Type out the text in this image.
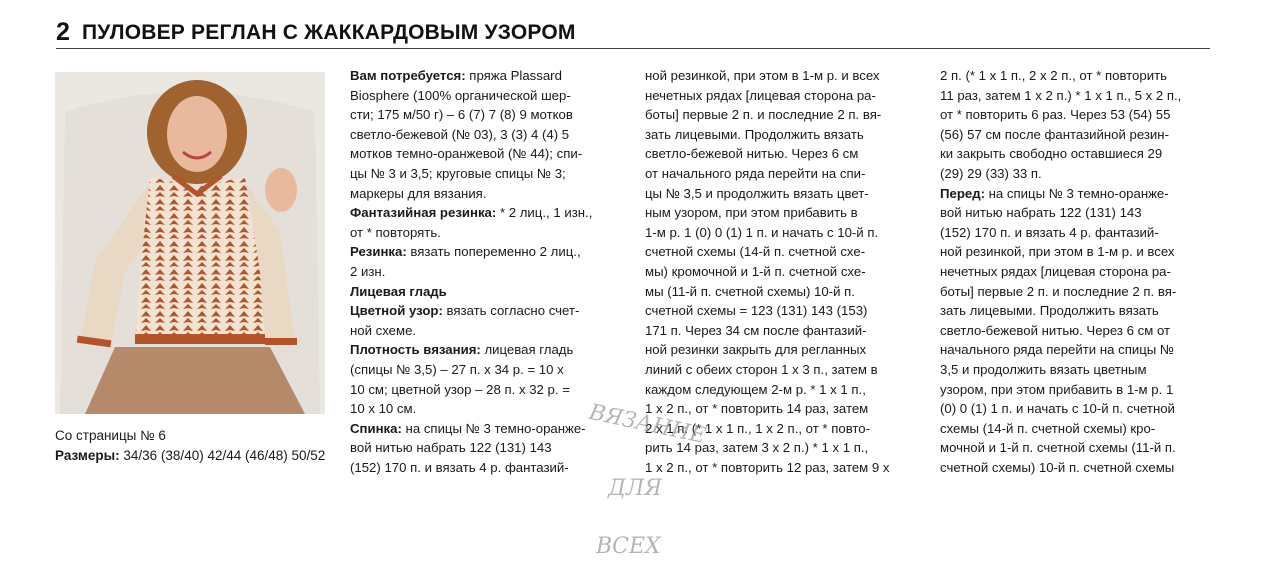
2 ПУЛОВЕР РЕГЛАН С ЖАККАРДОВЫМ УЗОРОМ
Со страницы № 6
Размеры: 34/36 (38/40) 42/44 (46/48) 50/52
Вам потребуется: пряжа Plassard
Biosphere (100% органической шер-
сти; 175 м/50 г) – 6 (7) 7 (8) 9 мотков
светло-бежевой (№ 03), 3 (3) 4 (4) 5
мотков темно-оранжевой (№ 44); спи-
цы № 3 и 3,5; круговые спицы № 3;
маркеры для вязания.
Фантазийная резинка: * 2 лиц., 1 изн.,
от * повторять.
Резинка: вязать попеременно 2 лиц.,
2 изн.
Лицевая гладь
Цветной узор: вязать согласно счет-
ной схеме.
Плотность вязания: лицевая гладь
(спицы № 3,5) – 27 п. х 34 р. = 10 х
10 см; цветной узор – 28 п. х 32 р. =
10 х 10 см.
Спинка: на спицы № 3 темно-оранже-
вой нитью набрать 122 (131) 143
(152) 170 п. и вязать 4 р. фантазий-
ной резинкой, при этом в 1-м р. и всех
нечетных рядах [лицевая сторона ра-
боты] первые 2 п. и последние 2 п. вя-
зать лицевыми. Продолжить вязать
светло-бежевой нитью. Через 6 см
от начального ряда перейти на спи-
цы № 3,5 и продолжить вязать цвет-
ным узором, при этом прибавить в
1-м р. 1 (0) 0 (1) 1 п. и начать с 10-й п.
счетной схемы (14-й п. счетной схе-
мы) кромочной и 1-й п. счетной схе-
мы (11-й п. счетной схемы) 10-й п.
счетной схемы = 123 (131) 143 (153)
171 п. Через 34 см после фантазий-
ной резинки закрыть для регланных
линий с обеих сторон 1 х 3 п., затем в
каждом следующем 2-м р. * 1 х 1 п.,
1 х 2 п., от * повторить 14 раз, затем
2 х 1 п. (* 1 х 1 п., 1 х 2 п., от * повто-
рить 14 раз, затем 3 х 2 п.) * 1 х 1 п.,
1 х 2 п., от * повторить 12 раз, затем 9 х
2 п. (* 1 х 1 п., 2 х 2 п., от * повторить
11 раз, затем 1 х 2 п.) * 1 х 1 п., 5 х 2 п.,
от * повторить 6 раз. Через 53 (54) 55
(56) 57 см после фантазийной резин-
ки закрыть свободно оставшиеся 29
(29) 29 (33) 33 п.
Перед: на спицы № 3 темно-оранже-
вой нитью набрать 122 (131) 143
(152) 170 п. и вязать 4 р. фантазий-
ной резинкой, при этом в 1-м р. и всех
нечетных рядах [лицевая сторона ра-
боты] первые 2 п. и последние 2 п. вя-
зать лицевыми. Продолжить вязать
светло-бежевой нитью. Через 6 см от
начального ряда перейти на спицы №
3,5 и продолжить вязать цветным
узором, при этом прибавить в 1-м р. 1
(0) 0 (1) 1 п. и начать с 10-й п. счетной
схемы (14-й п. счетной схемы) кро-
мочной и 1-й п. счетной схемы (11-й п.
счетной схемы) 10-й п. счетной схемы
ВЯЗАНИЕ
ДЛЯ
ВСЕХ
